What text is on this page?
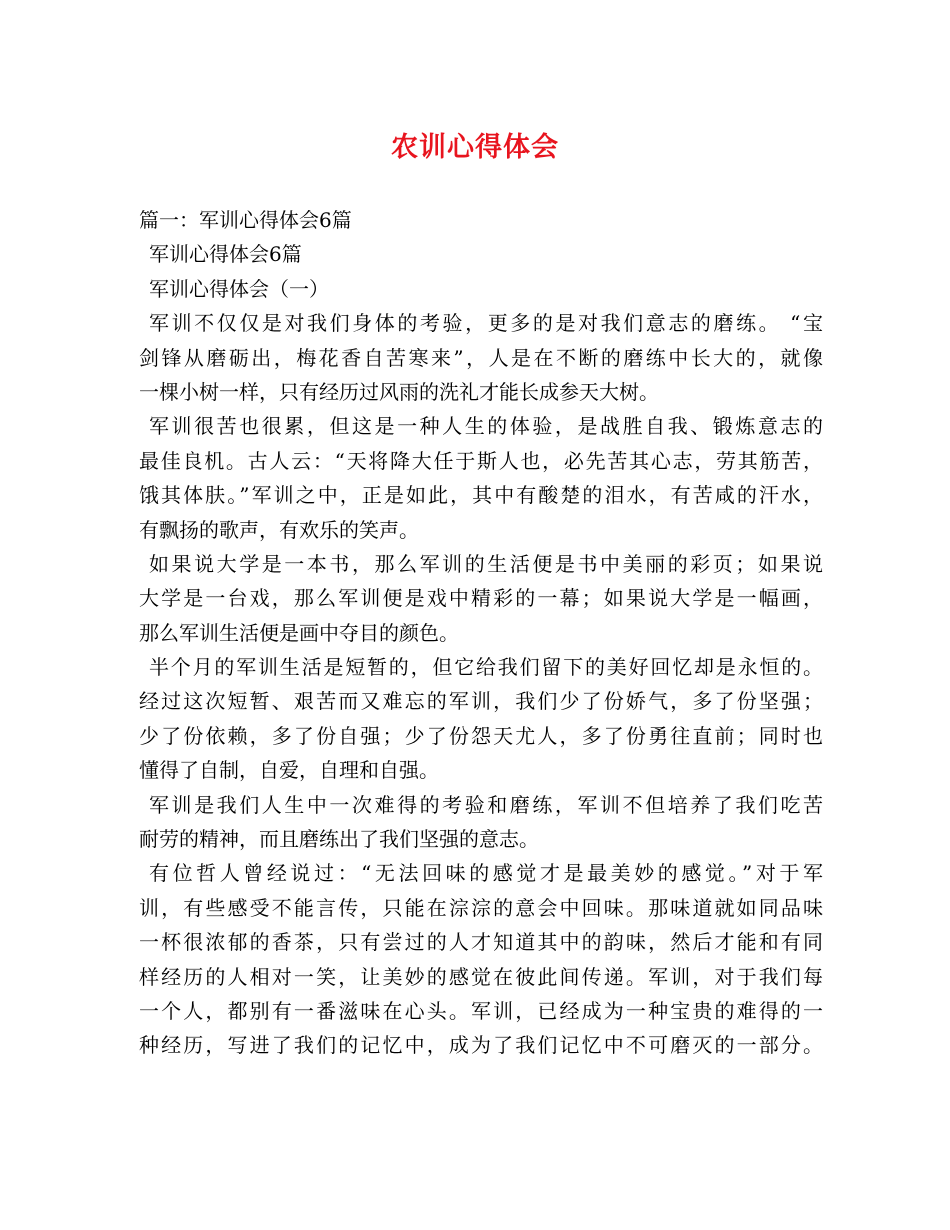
农训心得体会
篇一：军训心得体会6篇
军训心得体会6篇
军训心得体会（一）
军训不仅仅是对我们身体的考验，更多的是对我们意志的磨练。 “宝
剑锋从磨砺出，梅花香自苦寒来”，人是在不断的磨练中长大的，就像
一棵小树一样，只有经历过风雨的洗礼才能长成参天大树。
军训很苦也很累，但这是一种人生的体验，是战胜自我、锻炼意志的
最佳良机。古人云：“天将降大任于斯人也，必先苦其心志，劳其筋苦，
饿其体肤。”军训之中，正是如此，其中有酸楚的泪水，有苦咸的汗水，
有飘扬的歌声，有欢乐的笑声。
如果说大学是一本书，那么军训的生活便是书中美丽的彩页；如果说
大学是一台戏，那么军训便是戏中精彩的一幕；如果说大学是一幅画，
那么军训生活便是画中夺目的颜色。
半个月的军训生活是短暂的，但它给我们留下的美好回忆却是永恒的。
经过这次短暂、艰苦而又难忘的军训，我们少了份娇气，多了份坚强；
少了份依赖，多了份自强；少了份怨天尤人，多了份勇往直前；同时也
懂得了自制，自爱，自理和自强。
军训是我们人生中一次难得的考验和磨练，军训不但培养了我们吃苦
耐劳的精神，而且磨练出了我们坚强的意志。
有位哲人曾经说过：“无法回味的感觉才是最美妙的感觉。”对于军
训，有些感受不能言传，只能在淙淙的意会中回味。那味道就如同品味
一杯很浓郁的香茶，只有尝过的人才知道其中的韵味，然后才能和有同
样经历的人相对一笑，让美妙的感觉在彼此间传递。军训，对于我们每
一个人，都别有一番滋味在心头。军训，已经成为一种宝贵的难得的一
种经历，写进了我们的记忆中，成为了我们记忆中不可磨灭的一部分。
